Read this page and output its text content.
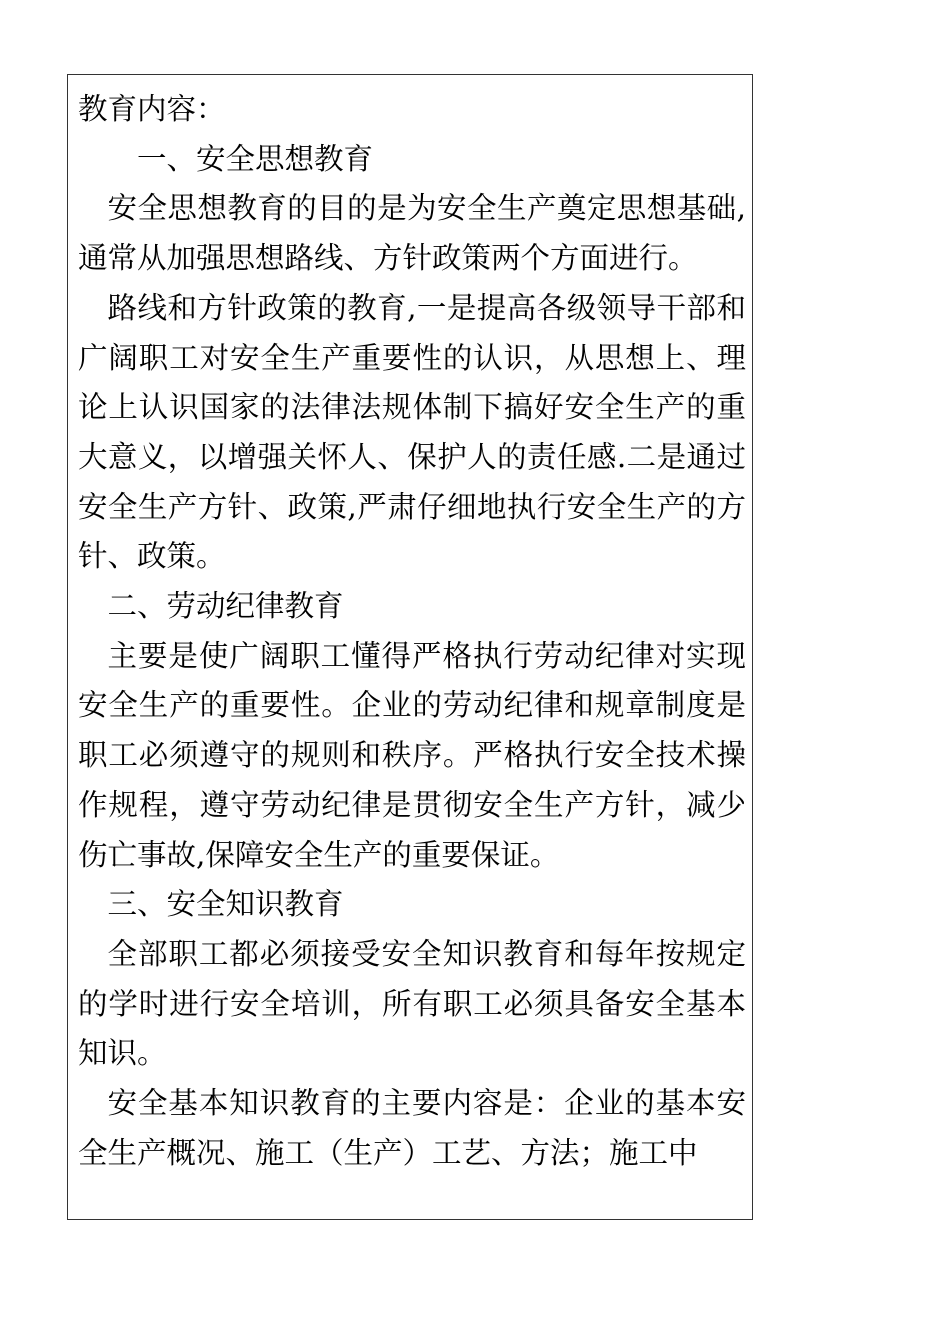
教育内容：

一、安全思想教育

安全思想教育的目的是为安全生产奠定思想基础,通常从加强思想路线、方针政策两个方面进行。

路线和方针政策的教育,一是提高各级领导干部和广阔职工对安全生产重要性的认识，从思想上、理论上认识国家的法律法规体制下搞好安全生产的重大意义，以增强关怀人、保护人的责任感.二是通过安全生产方针、政策,严肃仔细地执行安全生产的方针、政策。

二、劳动纪律教育

主要是使广阔职工懂得严格执行劳动纪律对实现安全生产的重要性。企业的劳动纪律和规章制度是职工必须遵守的规则和秩序。严格执行安全技术操作规程，遵守劳动纪律是贯彻安全生产方针，减少伤亡事故,保障安全生产的重要保证。

三、安全知识教育

全部职工都必须接受安全知识教育和每年按规定的学时进行安全培训，所有职工必须具备安全基本知识。

安全基本知识教育的主要内容是：企业的基本安全生产概况、施工（生产）工艺、方法；施工中
